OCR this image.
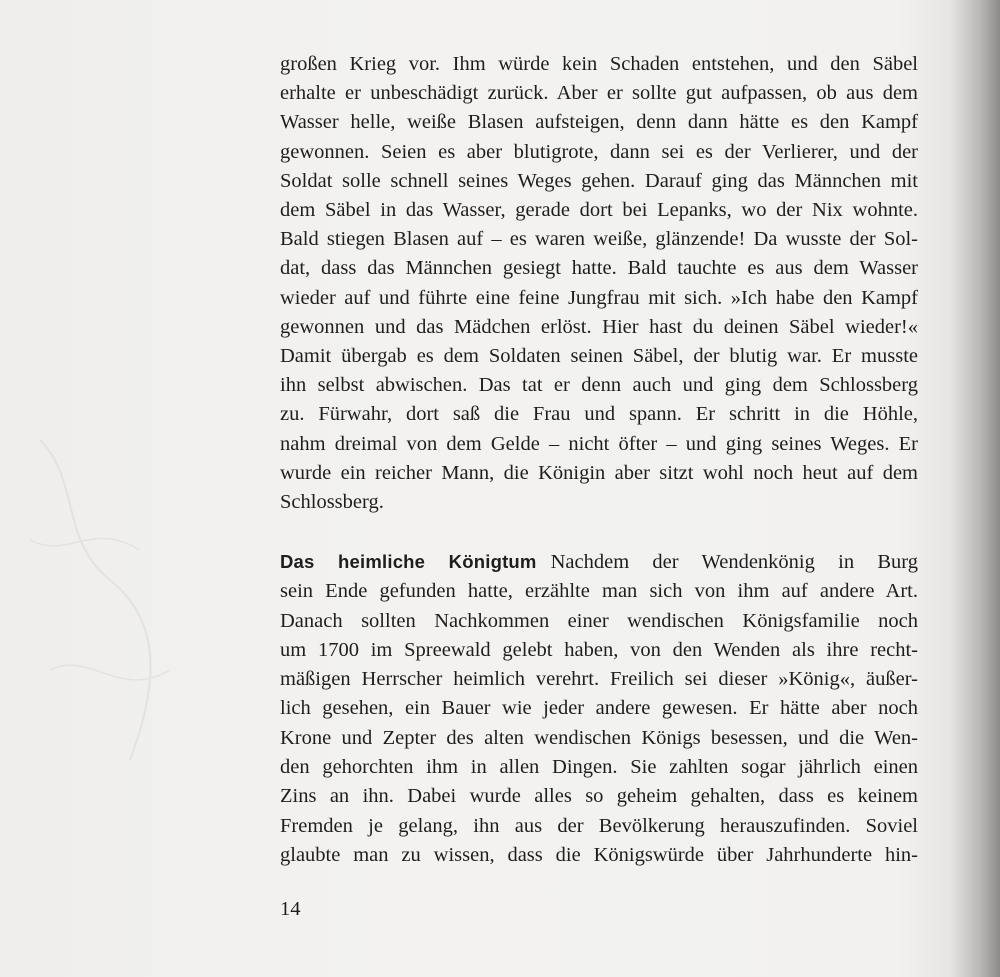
großen Krieg vor. Ihm würde kein Schaden entstehen, und den Säbel
erhalte er unbeschädigt zurück. Aber er sollte gut aufpassen, ob aus dem
Wasser helle, weiße Blasen aufsteigen, denn dann hätte es den Kampf
gewonnen. Seien es aber blutigrote, dann sei es der Verlierer, und der
Soldat solle schnell seines Weges gehen. Darauf ging das Männchen mit
dem Säbel in das Wasser, gerade dort bei Lepanks, wo der Nix wohnte.
Bald stiegen Blasen auf – es waren weiße, glänzende! Da wusste der Sol-
dat, dass das Männchen gesiegt hatte. Bald tauchte es aus dem Wasser
wieder auf und führte eine feine Jungfrau mit sich. »Ich habe den Kampf
gewonnen und das Mädchen erlöst. Hier hast du deinen Säbel wieder!«
Damit übergab es dem Soldaten seinen Säbel, der blutig war. Er musste
ihn selbst abwischen. Das tat er denn auch und ging dem Schlossberg
zu. Fürwahr, dort saß die Frau und spann. Er schritt in die Höhle,
nahm dreimal von dem Gelde – nicht öfter – und ging seines Weges. Er
wurde ein reicher Mann, die Königin aber sitzt wohl noch heut auf dem
Schlossberg.
Das heimliche Königtum Nachdem der Wendenkönig in Burg
sein Ende gefunden hatte, erzählte man sich von ihm auf andere Art.
Danach sollten Nachkommen einer wendischen Königsfamilie noch
um 1700 im Spreewald gelebt haben, von den Wenden als ihre recht-
mäßigen Herrscher heimlich verehrt. Freilich sei dieser »König«, äußer-
lich gesehen, ein Bauer wie jeder andere gewesen. Er hätte aber noch
Krone und Zepter des alten wendischen Königs besessen, und die Wen-
den gehorchten ihm in allen Dingen. Sie zahlten sogar jährlich einen
Zins an ihn. Dabei wurde alles so geheim gehalten, dass es keinem
Fremden je gelang, ihn aus der Bevölkerung herauszufinden. Soviel
glaubte man zu wissen, dass die Königswürde über Jahrhunderte hin-
14
